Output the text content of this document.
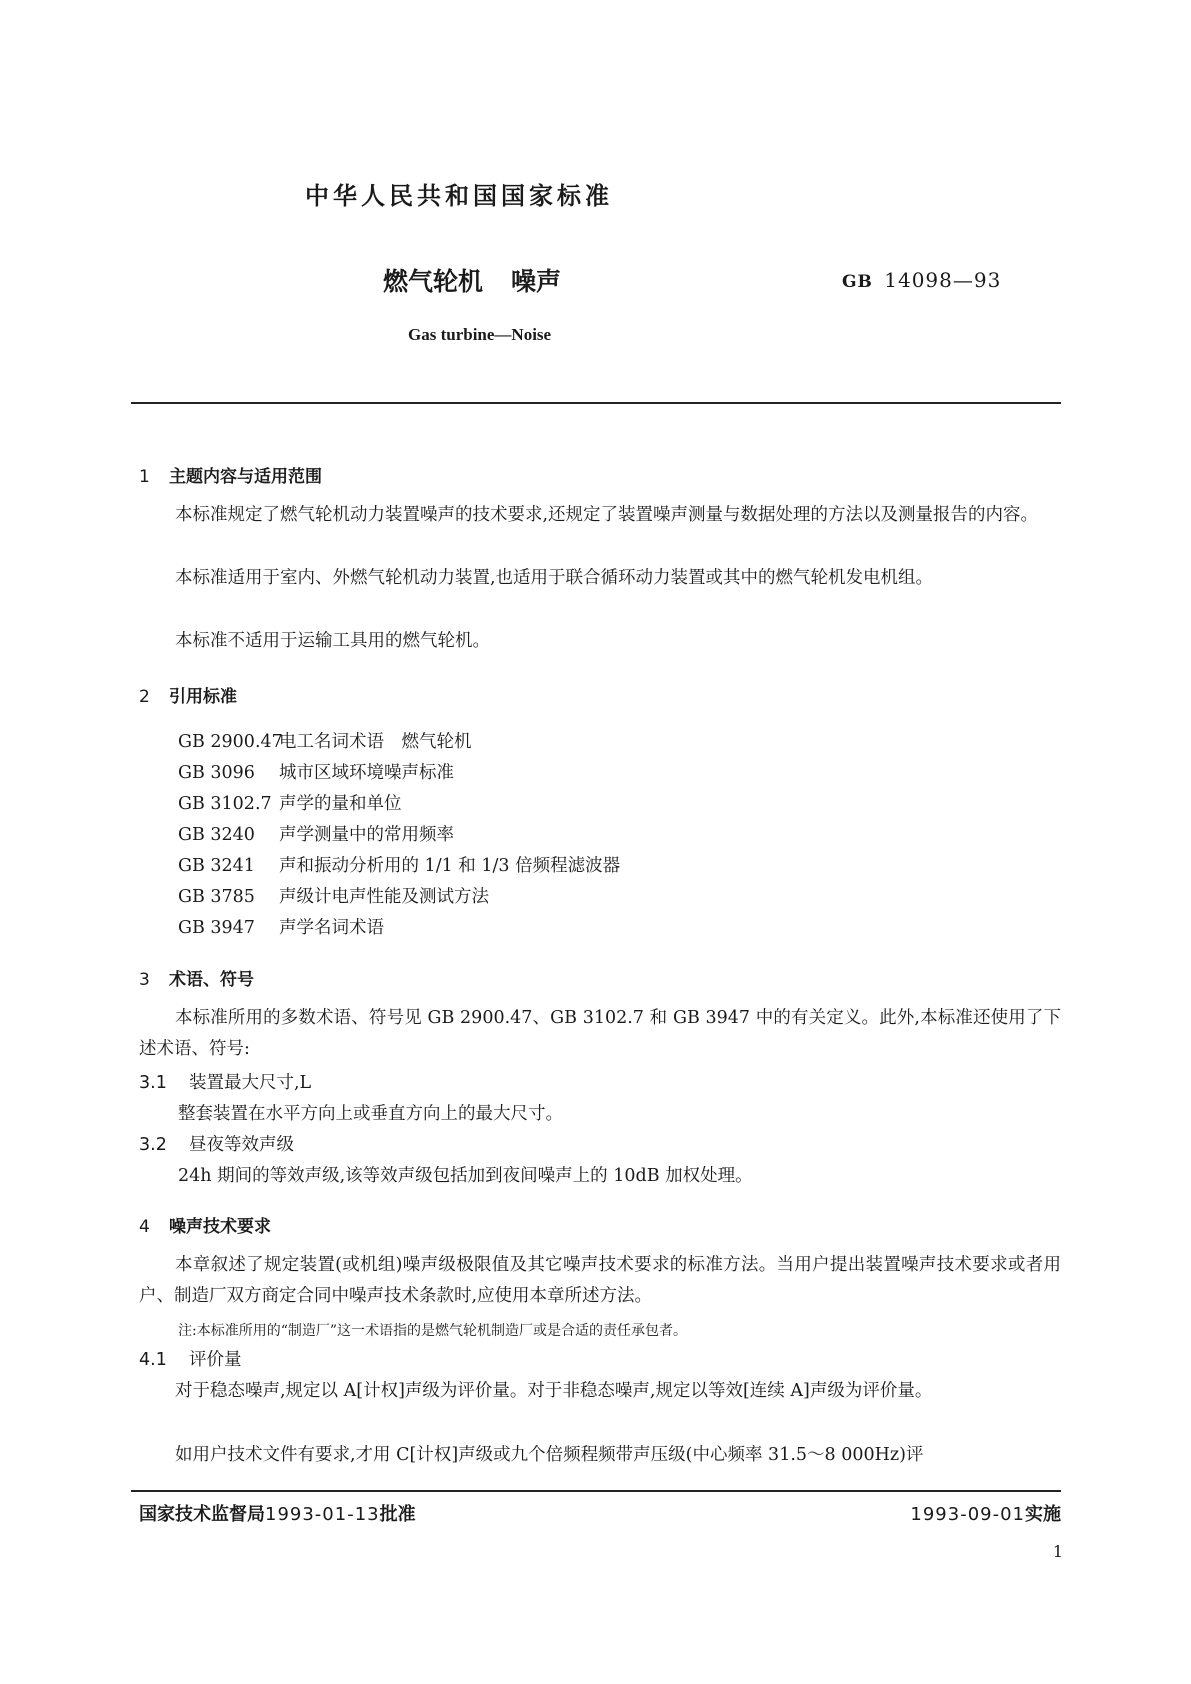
中华人民共和国国家标准
燃气轮机 噪声	GB 14098—93
Gas turbine—Noise
1 主题内容与适用范围

本标准规定了燃气轮机动力装置噪声的技术要求,还规定了装置噪声测量与数据处理的方法以及测量报告的内容。

本标准适用于室内、外燃气轮机动力装置,也适用于联合循环动力装置或其中的燃气轮机发电机组。

本标准不适用于运输工具用的燃气轮机。

2 引用标准
GB 2900.47电工名词术语　燃气轮机
GB 3096 城市区域环境噪声标准
GB 3102.7 声学的量和单位
GB 3240 声学测量中的常用频率
GB 3241 声和振动分析用的 1/1 和 1/3 倍频程滤波器
GB 3785 声级计电声性能及测试方法
GB 3947 声学名词术语
3 术语、符号

本标准所用的多数术语、符号见 GB 2900.47、GB 3102.7 和 GB 3947 中的有关定义。此外,本标准还使用了下述术语、符号:

3.1 装置最大尺寸,L
整套装置在水平方向上或垂直方向上的最大尺寸。
3.2 昼夜等效声级
24h 期间的等效声级,该等效声级包括加到夜间噪声上的 10dB 加权处理。
4 噪声技术要求

本章叙述了规定装置(或机组)噪声级极限值及其它噪声技术要求的标准方法。当用户提出装置噪声技术要求或者用户、制造厂双方商定合同中噪声技术条款时,应使用本章所述方法。

注:本标准所用的“制造厂”这一术语指的是燃气轮机制造厂或是合适的责任承包者。
4.1 评价量

对于稳态噪声,规定以 A[计权]声级为评价量。对于非稳态噪声,规定以等效[连续 A]声级为评价量。

如用户技术文件有要求,才用 C[计权]声级或九个倍频程频带声压级(中心频率 31.5～8 000Hz)评

国家技术监督局1993-01-13批准	1993-09-01实施
1
